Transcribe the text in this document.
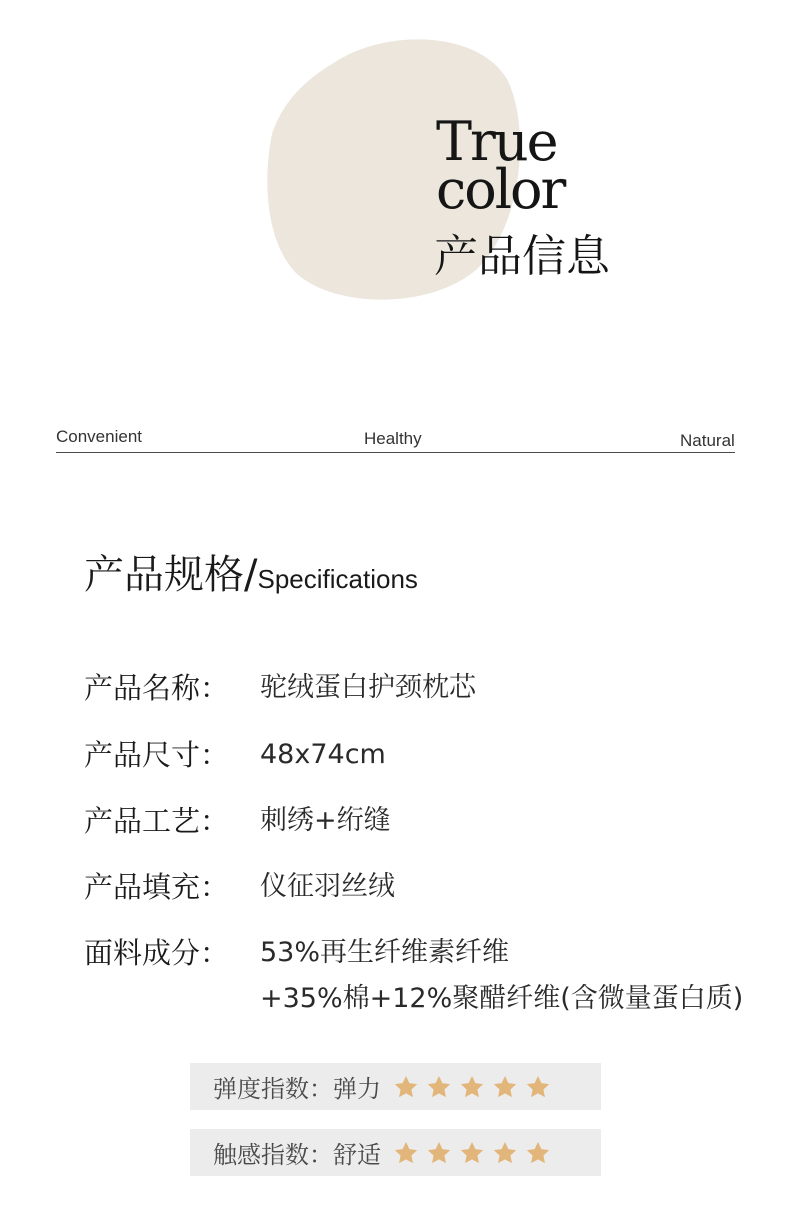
True
color
产品信息
Convenient	Healthy	Natural
产品规格/Specifications
产品名称： 驼绒蛋白护颈枕芯
产品尺寸： 48x74cm
产品工艺： 刺绣+绗缝
产品填充： 仪征羽丝绒
面料成分： 53%再生纤维素纤维
+35%棉+12%聚醋纤维(含微量蛋白质)
弹度指数：弹力
触感指数：舒适
